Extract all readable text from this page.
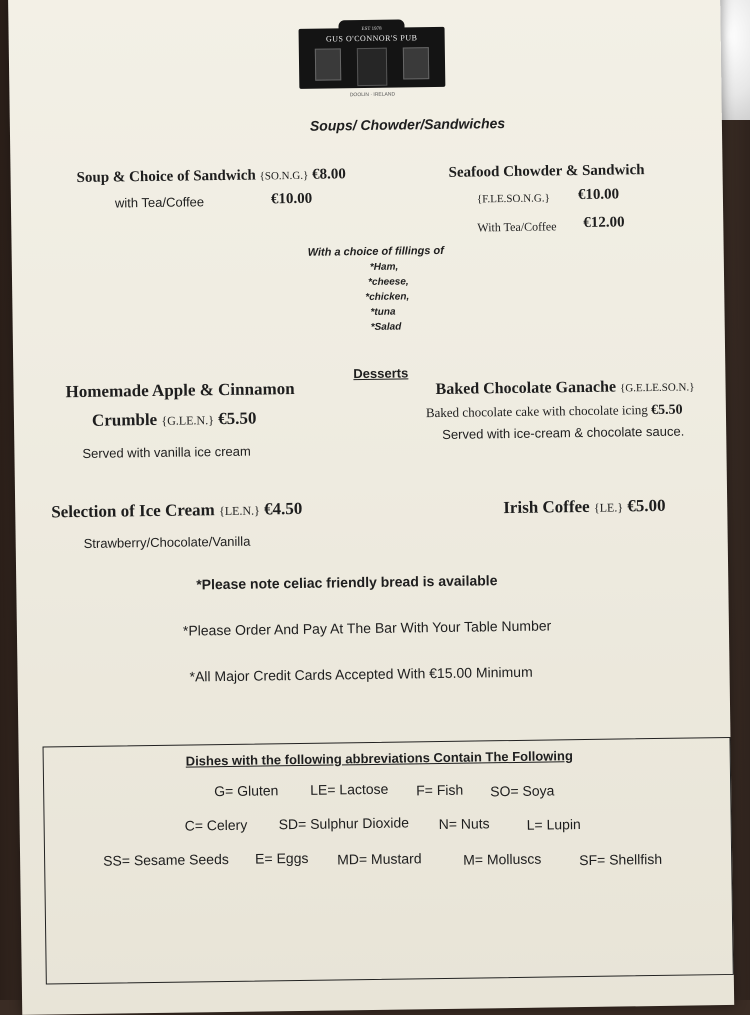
EST 1978
GUS O'CONNOR'S PUB
DOOLIN · IRELAND
Soups/ Chowder/Sandwiches
Soup & Choice of Sandwich {SO.N.G.} €8.00
with Tea/Coffee	€10.00
Seafood Chowder & Sandwich
{F.LE.SO.N.G.} €10.00
With Tea/Coffee €12.00
With a choice of fillings of
*Ham,
*cheese,
*chicken,
*tuna
*Salad
Desserts
Homemade Apple & Cinnamon
Crumble {G.LE.N.} €5.50
Served with vanilla ice cream
Baked Chocolate Ganache {G.E.LE.SO.N.}
Baked chocolate cake with chocolate icing €5.50
Served with ice-cream & chocolate sauce.
Selection of Ice Cream {LE.N.} €4.50
Strawberry/Chocolate/Vanilla
Irish Coffee {LE.} €5.00
*Please note celiac friendly bread is available
*Please Order And Pay At The Bar With Your Table Number
*All Major Credit Cards Accepted With €15.00 Minimum
Dishes with the following abbreviations Contain The Following
G= Gluten LE= Lactose F= Fish SO= Soya
C= Celery SD= Sulphur Dioxide N= Nuts	L= Lupin
SS= Sesame Seeds E= Eggs MD= Mustard	M= Molluscs	SF= Shellfish
